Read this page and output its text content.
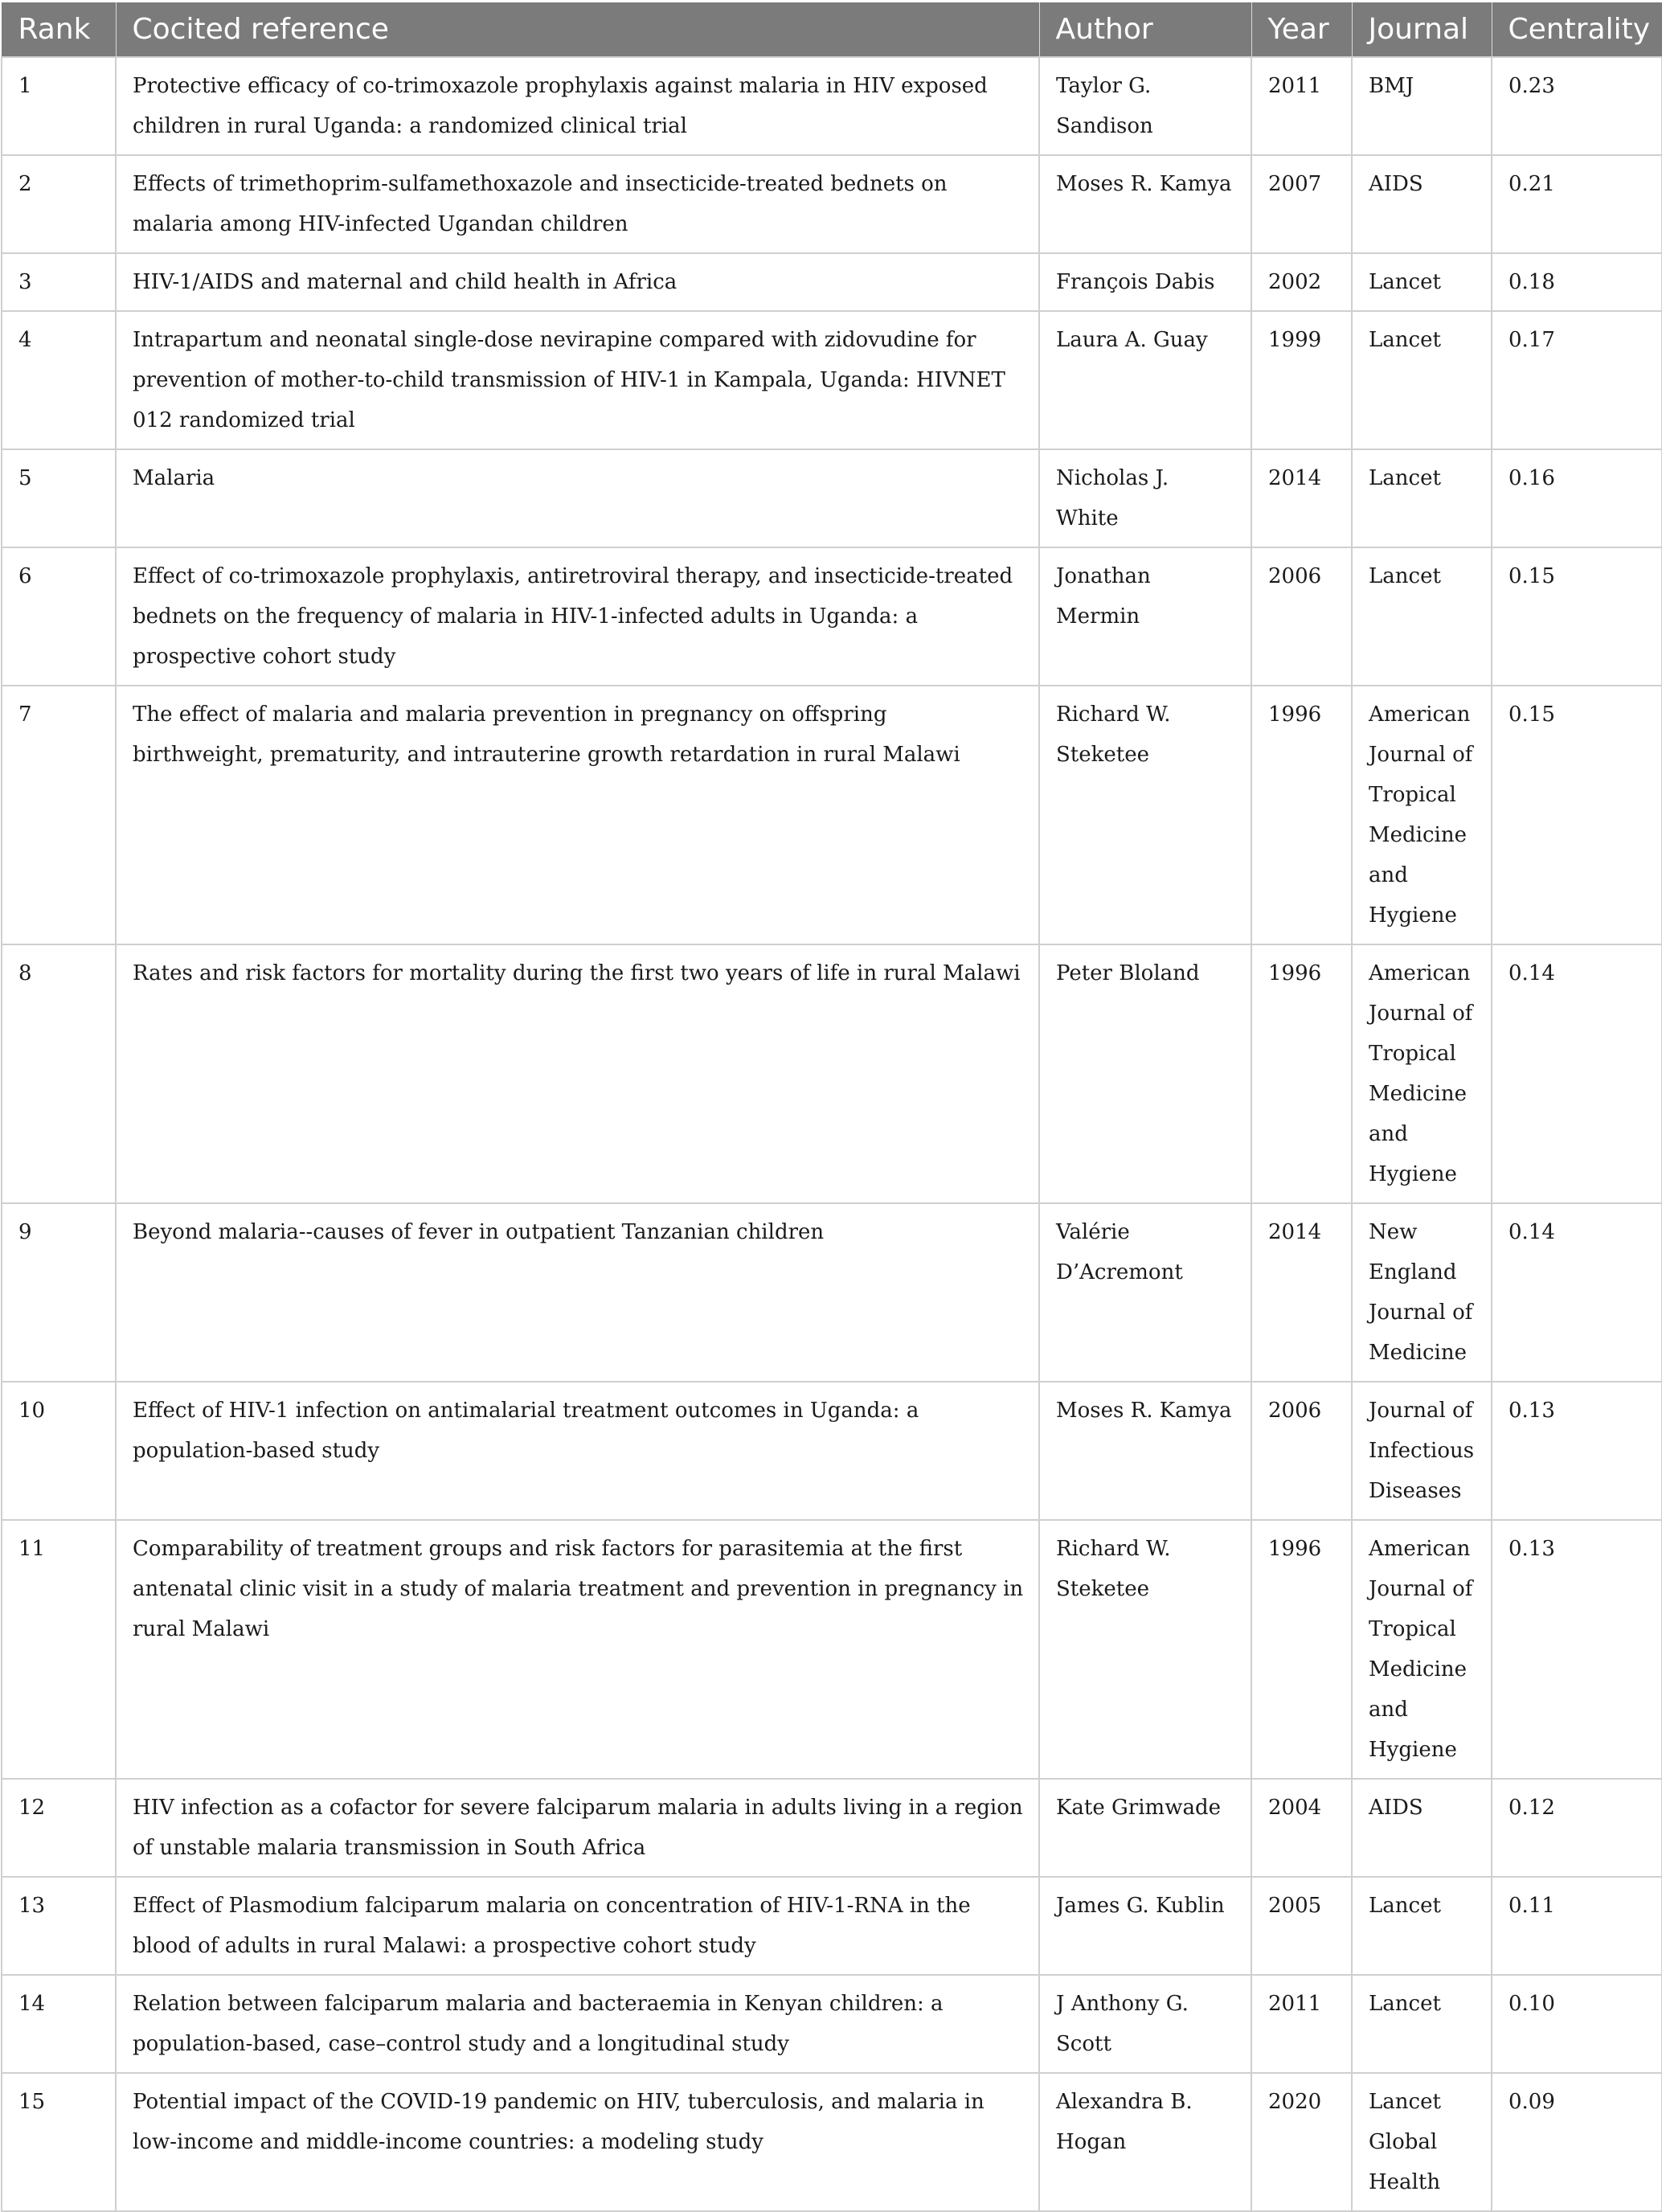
Rank	Cocited reference	Author	Year	Journal	Centrality
1	Protective efficacy of co-trimoxazole prophylaxis against malaria in HIV exposed children in rural Uganda: a randomized clinical trial	Taylor G. Sandison	2011	BMJ	0.23
2	Effects of trimethoprim-sulfamethoxazole and insecticide-treated bednets on malaria among HIV-infected Ugandan children	Moses R. Kamya	2007	AIDS	0.21
3	HIV-1/AIDS and maternal and child health in Africa	François Dabis	2002	Lancet	0.18
4	Intrapartum and neonatal single-dose nevirapine compared with zidovudine for prevention of mother-to-child transmission of HIV-1 in Kampala, Uganda: HIVNET 012 randomized trial	Laura A. Guay	1999	Lancet	0.17
5	Malaria	Nicholas J. White	2014	Lancet	0.16
6	Effect of co-trimoxazole prophylaxis, antiretroviral therapy, and insecticide-treated bednets on the frequency of malaria in HIV-1-infected adults in Uganda: a prospective cohort study	Jonathan Mermin	2006	Lancet	0.15
7	The effect of malaria and malaria prevention in pregnancy on offspring birthweight, prematurity, and intrauterine growth retardation in rural Malawi	Richard W. Steketee	1996	American Journal of Tropical Medicine and Hygiene	0.15
8	Rates and risk factors for mortality during the first two years of life in rural Malawi	Peter Bloland	1996	American Journal of Tropical Medicine and Hygiene	0.14
9	Beyond malaria--causes of fever in outpatient Tanzanian children	Valérie D’Acremont	2014	New England Journal of Medicine	0.14
10	Effect of HIV-1 infection on antimalarial treatment outcomes in Uganda: a population-based study	Moses R. Kamya	2006	Journal of Infectious Diseases	0.13
11	Comparability of treatment groups and risk factors for parasitemia at the first antenatal clinic visit in a study of malaria treatment and prevention in pregnancy in rural Malawi	Richard W. Steketee	1996	American Journal of Tropical Medicine and Hygiene	0.13
12	HIV infection as a cofactor for severe falciparum malaria in adults living in a region of unstable malaria transmission in South Africa	Kate Grimwade	2004	AIDS	0.12
13	Effect of Plasmodium falciparum malaria on concentration of HIV-1-RNA in the blood of adults in rural Malawi: a prospective cohort study	James G. Kublin	2005	Lancet	0.11
14	Relation between falciparum malaria and bacteraemia in Kenyan children: a population-based, case–control study and a longitudinal study	J Anthony G. Scott	2011	Lancet	0.10
15	Potential impact of the COVID-19 pandemic on HIV, tuberculosis, and malaria in low-income and middle-income countries: a modeling study	Alexandra B. Hogan	2020	Lancet Global Health	0.09
